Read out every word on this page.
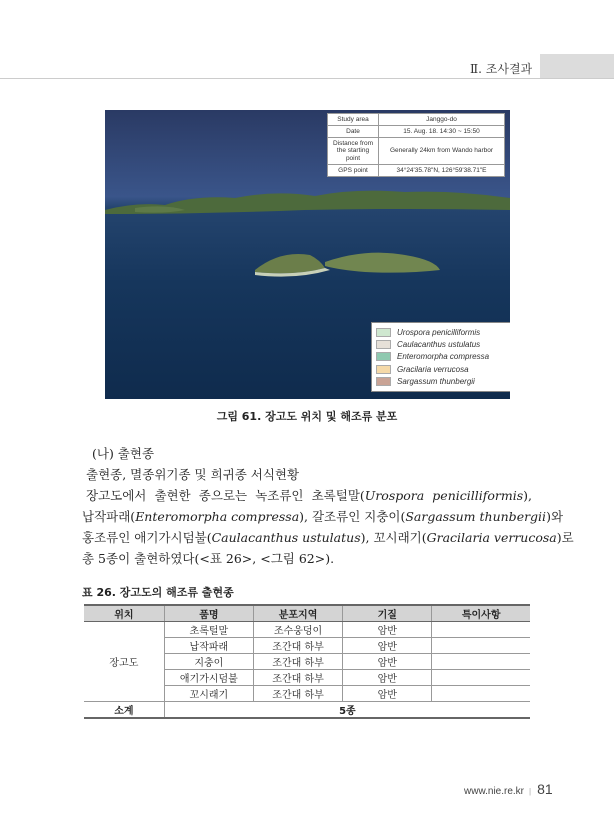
Ⅱ. 조사결과
Study area	Janggo-do
Date	15. Aug. 18. 14:30 ~ 15:50
Distance from the starting point	Generally 24km from Wando harbor
GPS point	34°24'35.78"N, 126°59'38.71"E
Urospora penicilliformis
Caulacanthus ustulatus
Enteromorpha compressa
Gracilaria verrucosa
Sargassum thunbergii
그림 61. 장고도 위치 및 해조류 분포
(나) 출현종
출현종, 멸종위기종 및 희귀종 서식현황
장고도에서 출현한 종으로는 녹조류인 초록털말(Urospora penicilliformis),
납작파래(Enteromorpha compressa), 갈조류인 지충이(Sargassum thunbergii)와
홍조류인 애기가시덤불(Caulacanthus ustulatus), 꼬시래기(Gracilaria verrucosa)로
총 5종이 출현하였다(<표 26>, <그림 62>).
표 26. 장고도의 해조류 출현종
위치	품명	분포지역	기질	특이사항
장고도	초록털말	조수웅덩이	암반	
	납작파래	조간대 하부	암반	
	지충이	조간대 하부	암반	
	애기가시덤불	조간대 하부	암반	
	꼬시래기	조간대 하부	암반	
소계	5종			
www.nie.re.kr | 81
